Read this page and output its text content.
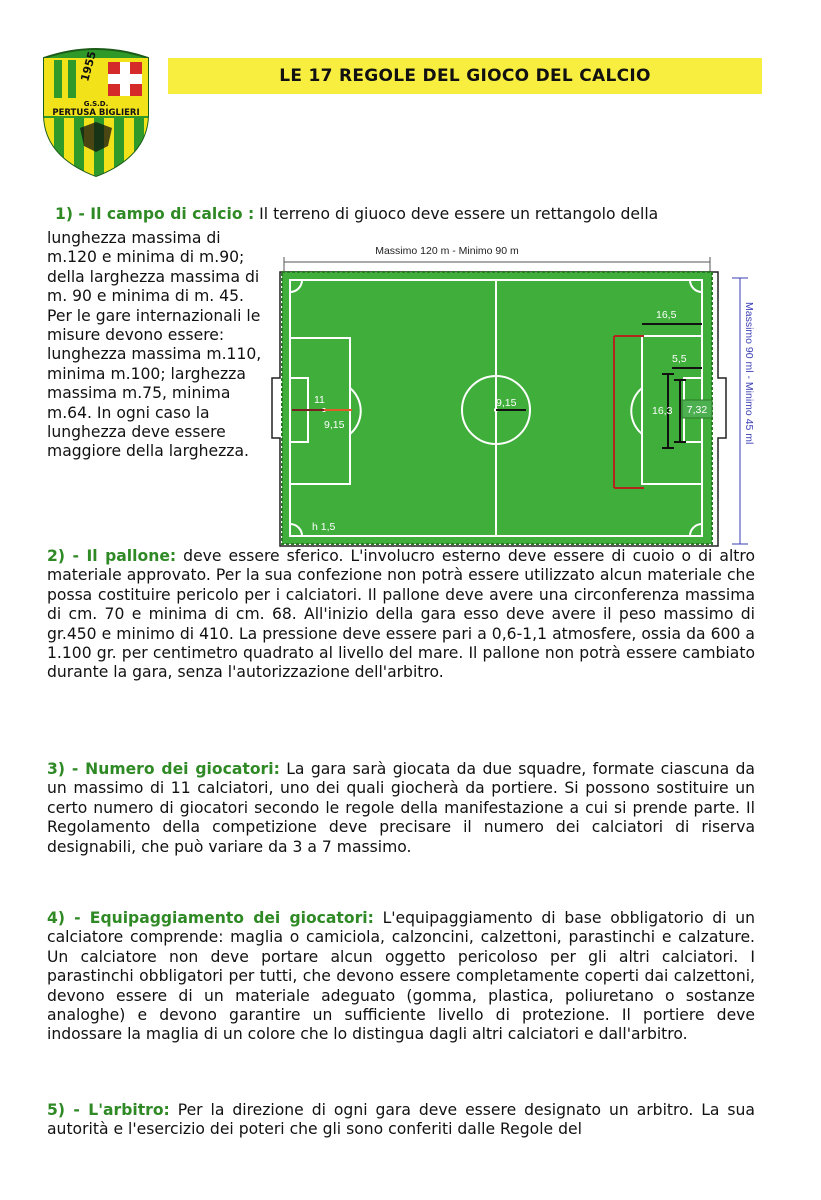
1955
G.S.D.
PERTUSA BIGLIERI
LE 17 REGOLE DEL GIOCO DEL CALCIO

1) - Il campo di calcio : Il terreno di giuoco deve essere un rettangolo della

lunghezza massima di m.120 e minima di m.90; della larghezza massima di m. 90 e minima di m. 45. Per le gare internazionali le misure devono essere: lunghezza massima m.110, minima m.100; larghezza massima m.75, minima m.64. In ogni caso la lunghezza deve essere maggiore della larghezza.

Massimo 120 m - Minimo 90 m
11
9,15
9,15
16,5
5,5
16,3
h 1,5
7,32	Massimo 90 ml - Minimo 45 ml

2) - Il pallone: deve essere sferico. L'involucro esterno deve essere di cuoio o di altro materiale approvato. Per la sua confezione non potrà essere utilizzato alcun materiale che possa costituire pericolo per i calciatori. Il pallone deve avere una circonferenza massima di cm. 70 e minima di cm. 68. All'inizio della gara esso deve avere il peso massimo di gr.450 e minimo di 410. La pressione deve essere pari a 0,6-1,1 atmosfere, ossia da 600 a 1.100 gr. per centimetro quadrato al livello del mare. Il pallone non potrà essere cambiato durante la gara, senza l'autorizzazione dell'arbitro.

3) - Numero dei giocatori: La gara sarà giocata da due squadre, formate ciascuna da un massimo di 11 calciatori, uno dei quali giocherà da portiere. Si possono sostituire un certo numero di giocatori secondo le regole della manifestazione a cui si prende parte. Il Regolamento della competizione deve precisare il numero dei calciatori di riserva designabili, che può variare da 3 a 7 massimo.

4) - Equipaggiamento dei giocatori: L'equipaggiamento di base obbligatorio di un calciatore comprende: maglia o camiciola, calzoncini, calzettoni, parastinchi e calzature. Un calciatore non deve portare alcun oggetto pericoloso per gli altri calciatori. I parastinchi obbligatori per tutti, che devono essere completamente coperti dai calzettoni, devono essere di un materiale adeguato (gomma, plastica, poliuretano o sostanze analoghe) e devono garantire un sufficiente livello di protezione. Il portiere deve indossare la maglia di un colore che lo distingua dagli altri calciatori e dall'arbitro.

5) - L'arbitro: Per la direzione di ogni gara deve essere designato un arbitro. La sua autorità e l'esercizio dei poteri che gli sono conferiti dalle Regole del
